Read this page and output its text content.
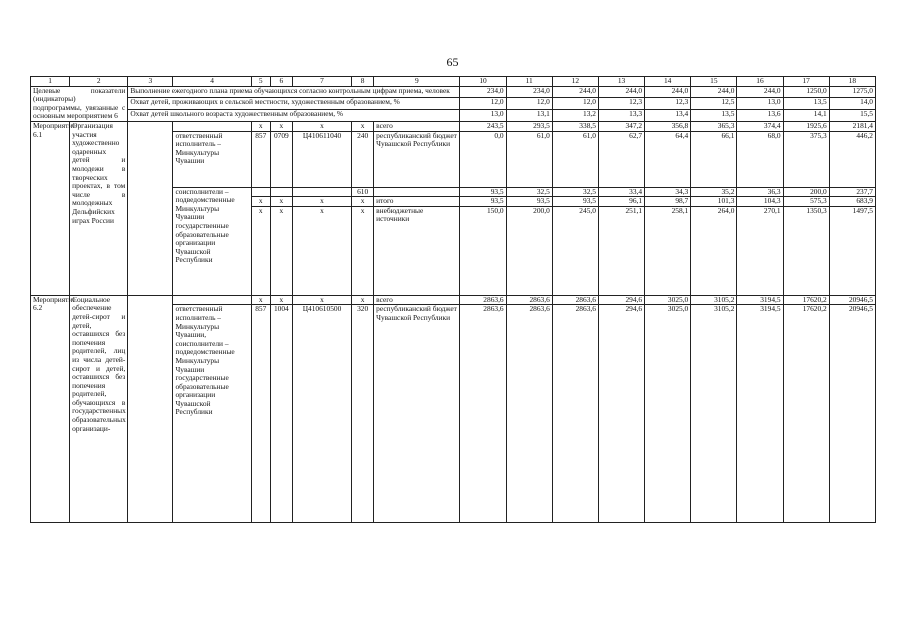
65
1	2	3	4	5	6	7	8	9	10	11	12	13	14	15	16	17	18
Целевые показатели (индикаторы) подпрограммы, увязанные с основным мероприятием 6		Выполнение ежегодного плана приема обучающихся согласно контрольным цифрам приема, человек							234,0	234,0	244,0	244,0	244,0	244,0	244,0	1250,0	1275,0
		Охват детей, проживающих в сельской местности, художественным образованием, %							12,0	12,0	12,0	12,3	12,3	12,5	13,0	13,5	14,0
		Охват детей школьного возраста художественным образованием, %							13,0	13,1	13,2	13,3	13,4	13,5	13,6	14,1	15,5
Мероприятие 6.1	Организация участия художественно одаренных детей и молодежи в творческих проектах, в том числе в молодежных Дельфийских играх России			x	x	x	x	всего	243,5	293,5	338,5	347,2	356,8	365,3	374,4	1925,6	2181,4
			ответственный исполнитель – Минкультуры Чувашии	857	0709	Ц410611040	240	республиканский бюджет Чувашской Республики	0,0	61,0	61,0	62,7	64,4	66,1	68,0	375,3	446,2
			соисполнители – подведомственные Минкультуры Чувашии государственные образовательные организации Чувашской Республики				610		93,5	32,5	32,5	33,4	34,3	35,2	36,3	200,0	237,7
				x	x	x	x	итого	93,5	93,5	93,5	96,1	98,7	101,3	104,3	575,3	683,9
				x	x	x	x	внебюджетные источники	150,0	200,0	245,0	251,1	258,1	264,0	270,1	1350,3	1497,5
Мероприятие 6.2	Социальное обеспечение детей-сирот и детей, оставшихся без попечения родителей, лиц из числа детей-сирот и детей, оставшихся без попечения родителей, обучающихся в государственных образовательных организаци-			x	x	x	x	всего	2863,6	2863,6	2863,6	294,6	3025,0	3105,2	3194,5	17620,2	20946,5
			ответственный исполнитель – Минкультуры Чувашии, соисполнители – подведомственные Минкультуры Чувашии государственные образовательные организации Чувашской Республики	857	1004	Ц410610500	320	республиканский бюджет Чувашской Республики	2863,6	2863,6	2863,6	294,6	3025,0	3105,2	3194,5	17620,2	20946,5
